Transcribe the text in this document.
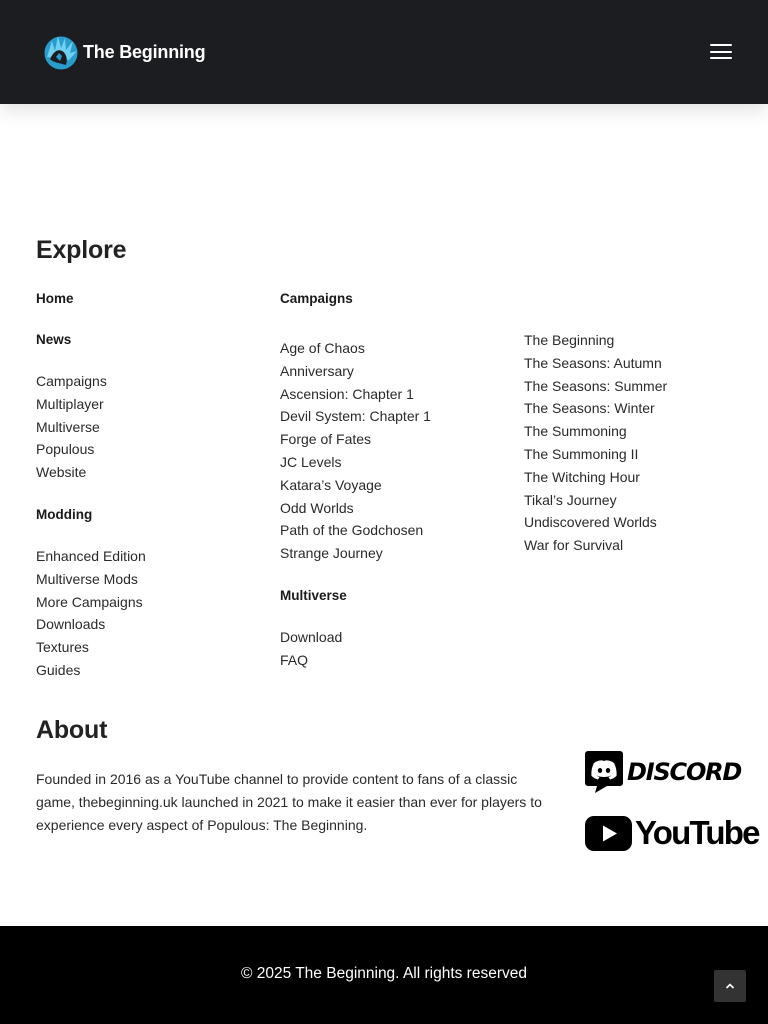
The Beginning
Explore
Home
News
Campaigns
Multiplayer
Multiverse
Populous
Website
Modding
Enhanced Edition
Multiverse Mods
More Campaigns
Downloads
Textures
Guides
Campaigns
Age of Chaos
Anniversary
Ascension: Chapter 1
Devil System: Chapter 1
Forge of Fates
JC Levels
Katara’s Voyage
Odd Worlds
Path of the Godchosen
Strange Journey
Multiverse
Download
FAQ
The Beginning
The Seasons: Autumn
The Seasons: Summer
The Seasons: Winter
The Summoning
The Summoning II
The Witching Hour
Tikal’s Journey
Undiscovered Worlds
War for Survival
About

Founded in 2016 as a YouTube channel to provide content to fans of a classic game, thebeginning.uk launched in 2021 to make it easier than ever for players to experience every aspect of Populous: The Beginning.

DISCORD
YouTube
© 2025 The Beginning. All rights reserved
